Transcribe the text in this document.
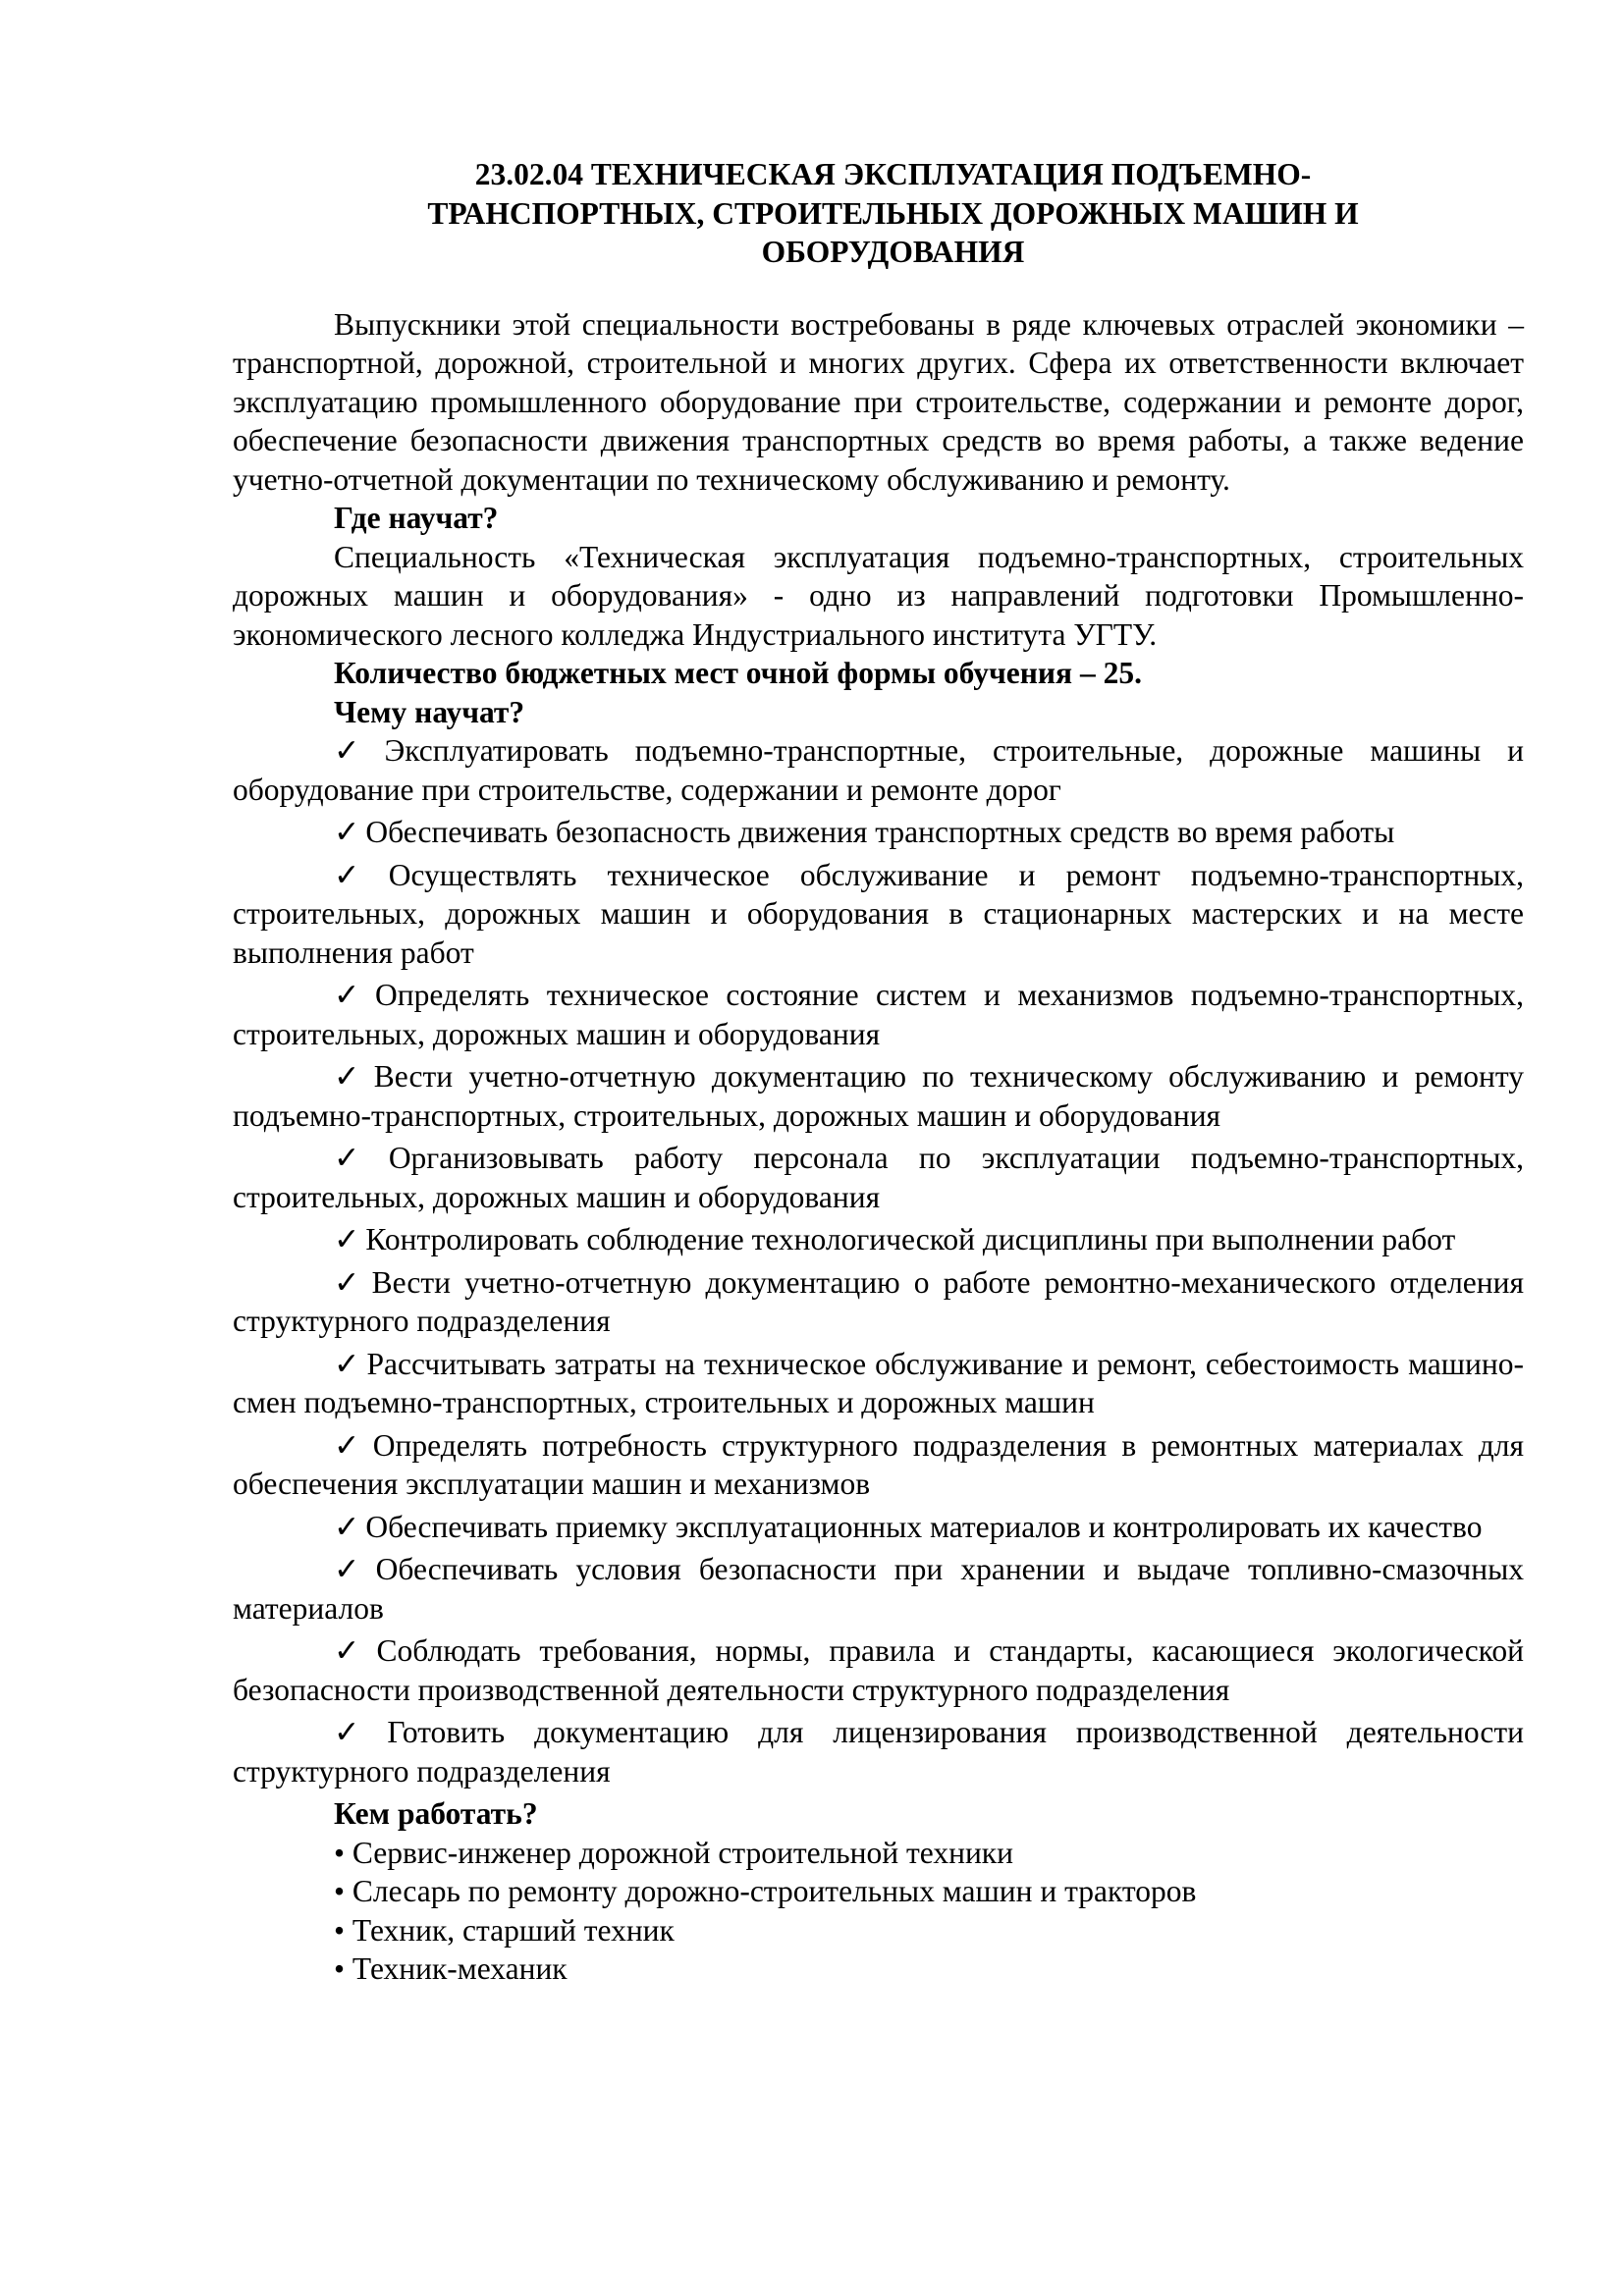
23.02.04 ТЕХНИЧЕСКАЯ ЭКСПЛУАТАЦИЯ ПОДЪЕМНО-
ТРАНСПОРТНЫХ, СТРОИТЕЛЬНЫХ ДОРОЖНЫХ МАШИН И
ОБОРУДОВАНИЯ

Выпускники этой специальности востребованы в ряде ключевых отраслей экономики – транспортной, дорожной, строительной и многих других. Сфера их ответственности включает эксплуатацию промышленного оборудование при строительстве, содержании и ремонте дорог, обеспечение безопасности движения транспортных средств во время работы, а также ведение учетно-отчетной документации по техническому обслуживанию и ремонту.

Где научат?

Специальность «Техническая эксплуатация подъемно-транспортных, строительных дорожных машин и оборудования» - одно из направлений подготовки Промышленно-экономического лесного колледжа Индустриального института УГТУ.

Количество бюджетных мест очной формы обучения – 25.

Чему научат?

✓ Эксплуатировать подъемно-транспортные, строительные, дорожные машины и оборудование при строительстве, содержании и ремонте дорог

✓ Обеспечивать безопасность движения транспортных средств во время работы

✓ Осуществлять техническое обслуживание и ремонт подъемно-транспортных, строительных, дорожных машин и оборудования в стационарных мастерских и на месте выполнения работ

✓ Определять техническое состояние систем и механизмов подъемно-транспортных, строительных, дорожных машин и оборудования

✓ Вести учетно-отчетную документацию по техническому обслуживанию и ремонту подъемно-транспортных, строительных, дорожных машин и оборудования

✓ Организовывать работу персонала по эксплуатации подъемно-транспортных, строительных, дорожных машин и оборудования

✓ Контролировать соблюдение технологической дисциплины при выполнении работ

✓ Вести учетно-отчетную документацию о работе ремонтно-механического отделения структурного подразделения

✓ Рассчитывать затраты на техническое обслуживание и ремонт, себестоимость машино-смен подъемно-транспортных, строительных и дорожных машин

✓ Определять потребность структурного подразделения в ремонтных материалах для обеспечения эксплуатации машин и механизмов

✓ Обеспечивать приемку эксплуатационных материалов и контролировать их качество

✓ Обеспечивать условия безопасности при хранении и выдаче топливно-смазочных материалов

✓ Соблюдать требования, нормы, правила и стандарты, касающиеся экологической безопасности производственной деятельности структурного подразделения

✓ Готовить документацию для лицензирования производственной деятельности структурного подразделения

Кем работать?

• Сервис-инженер дорожной строительной техники

• Слесарь по ремонту дорожно-строительных машин и тракторов

• Техник, старший техник

• Техник-механик
